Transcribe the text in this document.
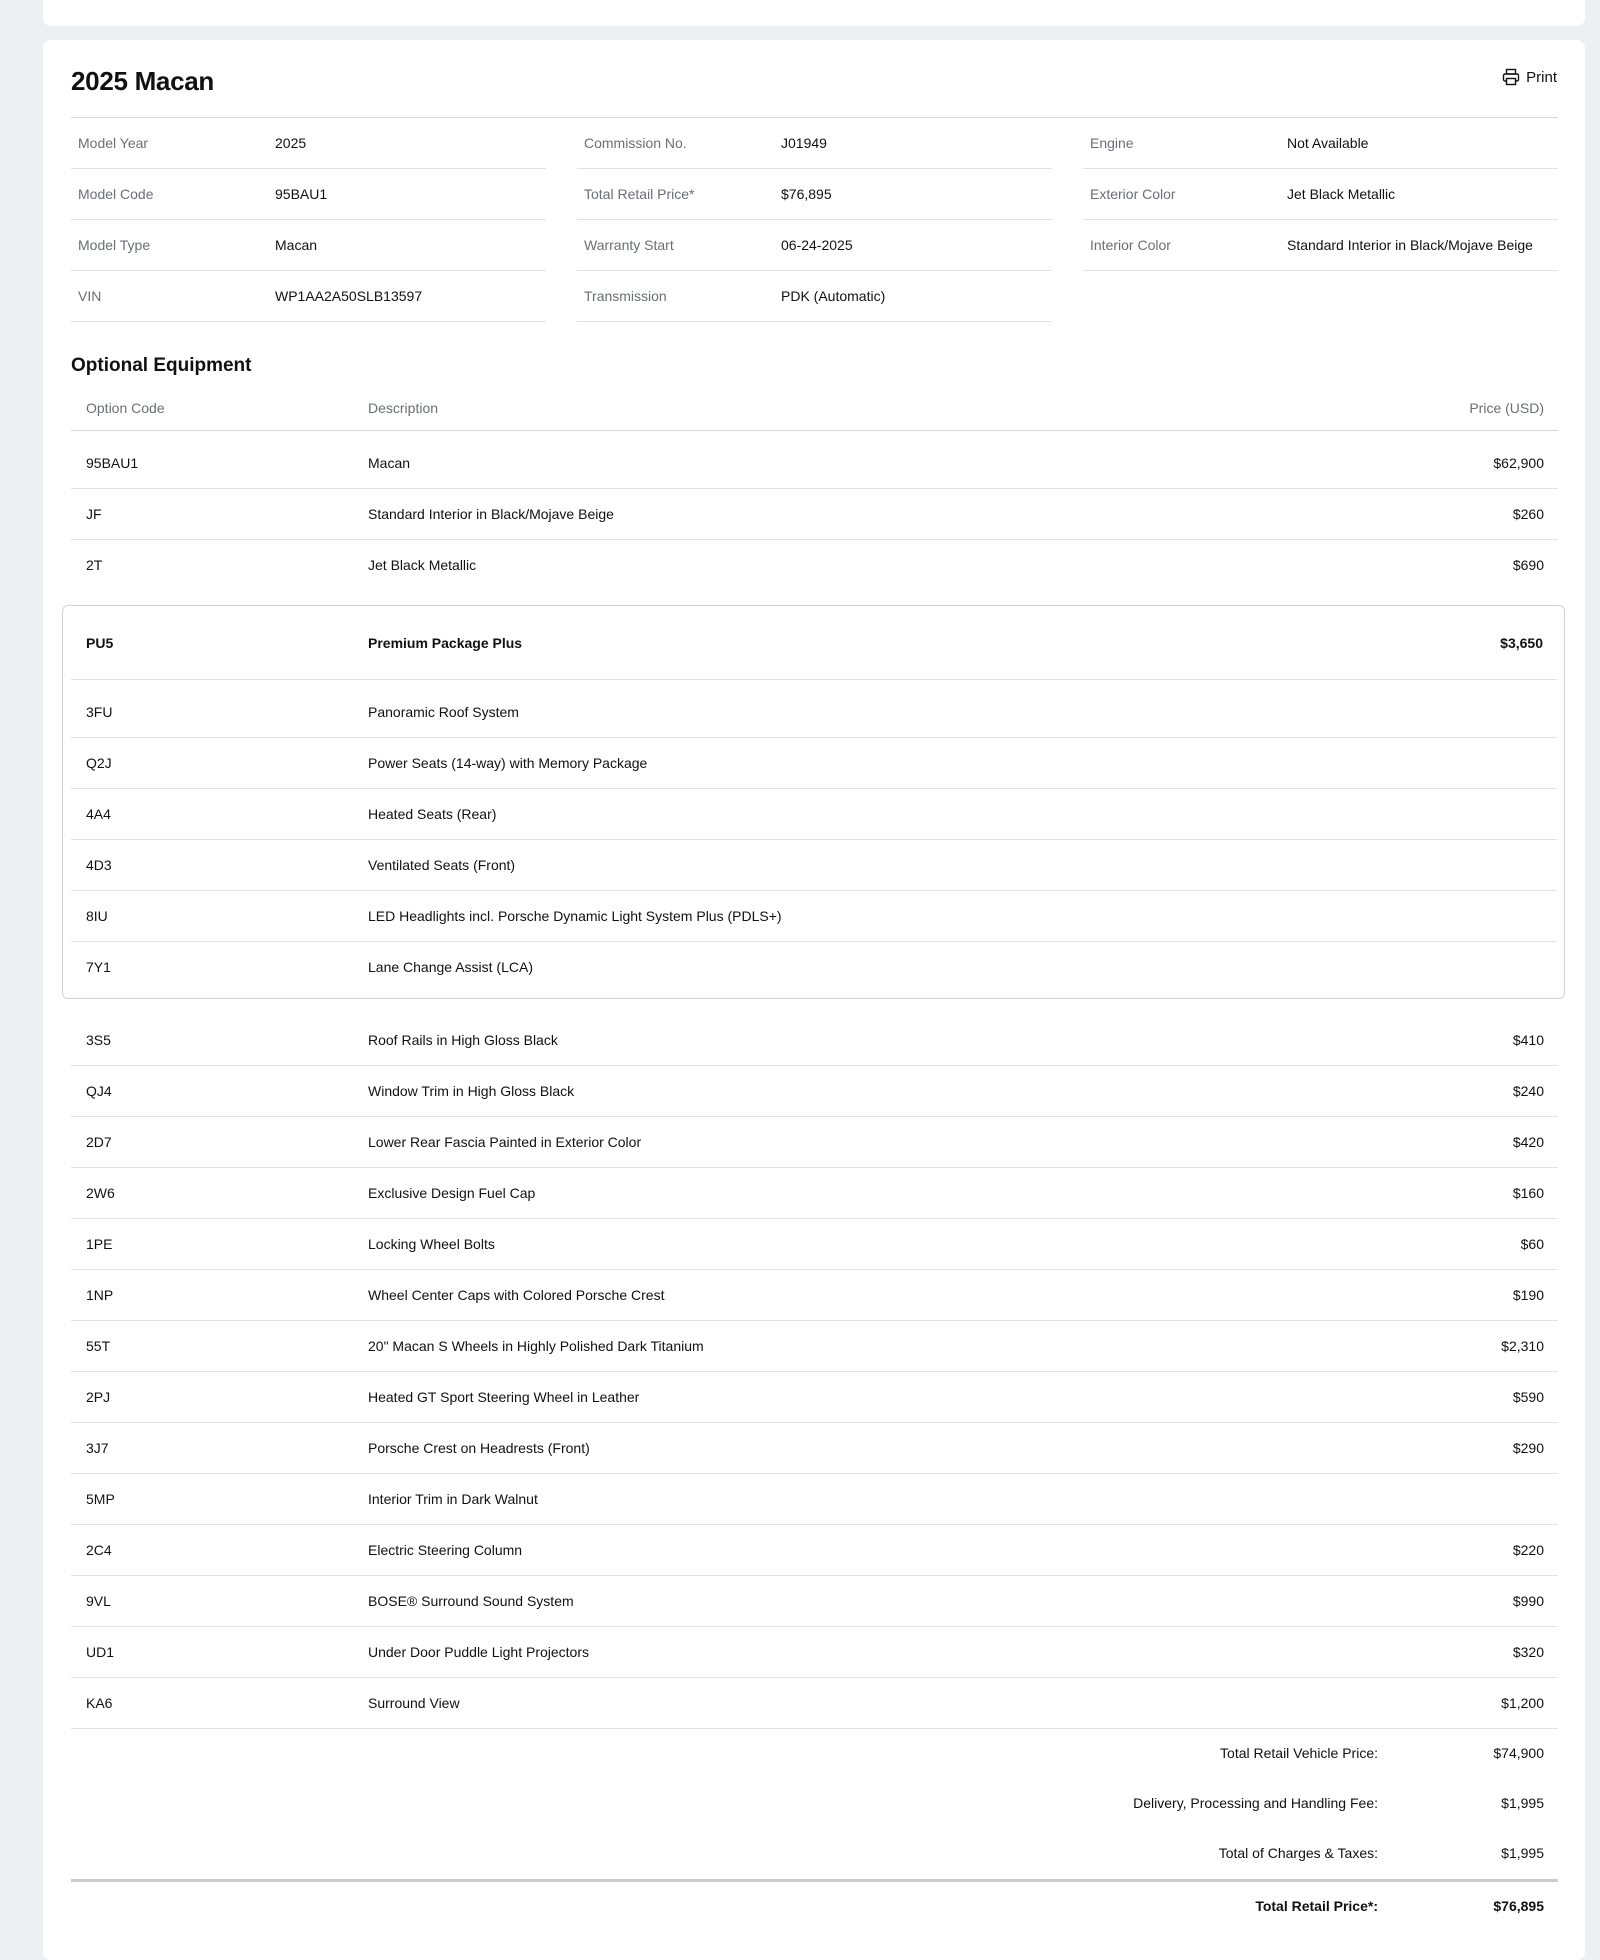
2025 Macan	Print
Model Year	2025
Model Code	95BAU1
Model Type	Macan
VIN	WP1AA2A50SLB13597
Commission No.	J01949
Total Retail Price*	$76,895
Warranty Start	06-24-2025
Transmission	PDK (Automatic)
Engine	Not Available
Exterior Color	Jet Black Metallic
Interior Color	Standard Interior in Black/Mojave Beige
Optional Equipment
Option Code	Description	Price (USD)
95BAU1	Macan	$62,900
JF	Standard Interior in Black/Mojave Beige	$260
2T	Jet Black Metallic	$690
PU5	Premium Package Plus	$3,650
3FU	Panoramic Roof System
Q2J	Power Seats (14-way) with Memory Package
4A4	Heated Seats (Rear)
4D3	Ventilated Seats (Front)
8IU	LED Headlights incl. Porsche Dynamic Light System Plus (PDLS+)
7Y1	Lane Change Assist (LCA)
3S5	Roof Rails in High Gloss Black	$410
QJ4	Window Trim in High Gloss Black	$240
2D7	Lower Rear Fascia Painted in Exterior Color	$420
2W6	Exclusive Design Fuel Cap	$160
1PE	Locking Wheel Bolts	$60
1NP	Wheel Center Caps with Colored Porsche Crest	$190
55T	20" Macan S Wheels in Highly Polished Dark Titanium	$2,310
2PJ	Heated GT Sport Steering Wheel in Leather	$590
3J7	Porsche Crest on Headrests (Front)	$290
5MP	Interior Trim in Dark Walnut
2C4	Electric Steering Column	$220
9VL	BOSE® Surround Sound System	$990
UD1	Under Door Puddle Light Projectors	$320
KA6	Surround View	$1,200
Total Retail Vehicle Price:	$74,900
Delivery, Processing and Handling Fee:	$1,995
Total of Charges & Taxes:	$1,995
Total Retail Price*:	$76,895
